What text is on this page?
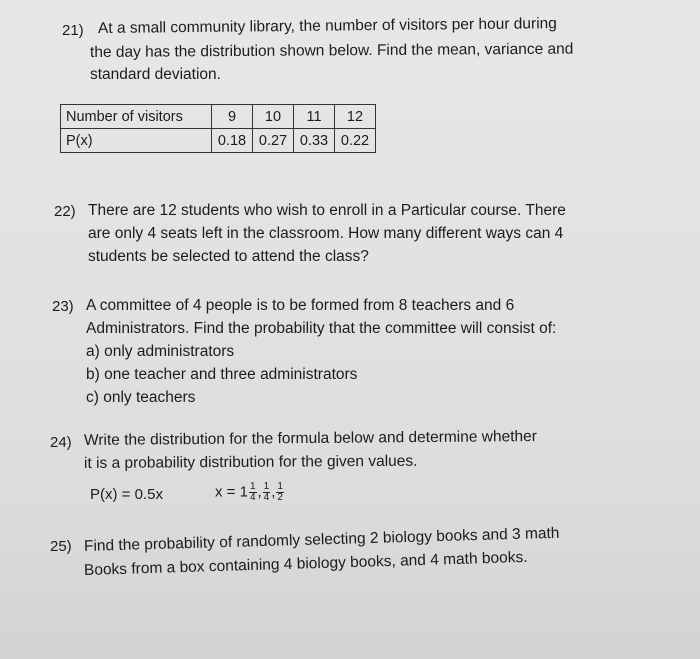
21) At a small community library, the number of visitors per hour during
the day has the distribution shown below. Find the mean, variance and
standard deviation.
Number of visitors	9	10	11	12
P(x)	0.18	0.27	0.33	0.22
22) There are 12 students who wish to enroll in a Particular course. There
are only 4 seats left in the classroom. How many different ways can 4
students be selected to attend the class?
23) A committee of 4 people is to be formed from 8 teachers and 6
Administrators. Find the probability that the committee will consist of:
a) only administrators
b) one teacher and three administrators
c) only teachers
24) Write the distribution for the formula below and determine whether
it is a probability distribution for the given values.
P(x) = 0.5x	$x = 1 \frac{1}{4}$ , $\frac{1}{4}$ , $\frac{1}{2}$
25) Find the probability of randomly selecting 2 biology books and 3 math
Books from a box containing 4 biology books, and 4 math books.
